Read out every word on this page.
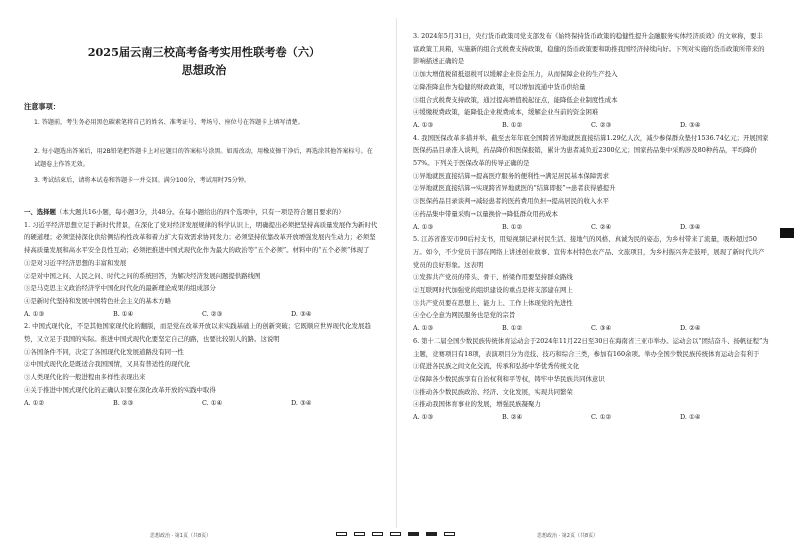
2025届云南三校高考备考实用性联考卷（六）
思想政治
注意事项：
1. 答题前，考生务必用黑色碳素笔将自己的姓名、准考证号、考场号、座位号在答题卡上填写清楚。
2. 每小题选出答案后，用2B铅笔把答题卡上对应题目的答案标号涂黑。如需改动，用橡皮擦干净后，再选涂其他答案标号。在试题卷上作答无效。
3. 考试结束后，请将本试卷和答题卡一并交回。满分100分，考试用时75分钟。

一、选择题（本大题共16小题，每小题3分，共48分。在每小题给出的四个选项中，只有一项是符合题目要求的）

1. 习近平经济思想立足于新时代背景，在深化了党对经济发展规律的科学认识上，明确提出必须把坚持高质量发展作为新时代的硬道理；必须坚持深化供给侧结构性改革和着力扩大有效需求协同发力；必须坚持依靠改革开放增强发展内生动力；必须坚持高质量发展和高水平安全良性互动；必须把推进中国式现代化作为最大的政治等“五个必须”。材料中的“五个必须”体现了

①是对习近平经济思想的丰富和发展

②是对中国之问、人民之问、时代之问的系统回答，为解决经济发展问题提供路线图

③是马克思主义政治经济学中国化时代化的最新理论成果的组成部分

④是新时代坚持和发展中国特色社会主义的基本方略

A. ①③	B. ①④	C. ②③	D. ③④

2. 中国式现代化，不是其他国家现代化的翻版，而是党在改革开放以来实践基础上的创新突破；它既顺应世界现代化发展趋势，又立足于我国的实际。推进中国式现代化要坚定自己的路，也要比较别人的路。这说明

①各国条件不同，决定了各国现代化发展道路没有同一性

②中国式现代化是既适合我国国情，又具有普适性的现代化

③人类现代化的一般进程由多样性表现出来

④关于推进中国式现代化的正确认识要在深化改革开放的实践中取得

A. ①②	B. ②③	C. ①④	D. ③④
思想政治 · 第1页（共8页）

3. 2024年5月31日，央行货币政策司党支部发布《始终保持货币政策的稳健性提升金融服务实体经济质效》的文章称，要丰富政策工具箱，实施新的组合式税费支持政策，稳健的货币政策要和助推我国经济持续向好。下列对实施的货币政策所带来的影响描述正确的是

①加大增值税留抵退税可以缓解企业资金压力，从而保障企业的生产投入

②降准降息作为稳健的财政政策，可以增加流通中货币供给量

③组合式税费支持政策，通过提高增值税起征点，能降低企业制度性成本

④缓缴税费政策，能降低企业税费成本，缓解企业当前的资金困难

A. ①③	B. ①②	C. ②③	D. ③④

4. 我国医保改革多措并举。截至去年年底全国跨省异地就医直接结算1.29亿人次，减少参保群众垫付1536.74亿元；开展国家医保药品目录准入谈判，药品降价和医保报销，累计为患者减负近2300亿元；国家药品集中采购涉及80种药品，平均降价57%。下列关于医保改革的传导正确的是

①异地就医直接结算→提高医疗服务的便利性→满足居民基本保障需求

②异地就医直接结算→实现跨省异地就医的“结算即报”→患者获得感提升

③医保药品目录谈判→减轻患者的医药费用负担→提高居民的收入水平

④药品集中带量采购→以量换价→降低群众用药成本

A. ①③	B. ①②	C. ②④	D. ③④

5. 江苏省淮安市90后村支书，用短视频记录村民生活、接地气的风格、真诚为民的姿态，为乡村带来了流量，吸粉超过50万。如今，不少党员干部在网络上讲述创业故事、宣传本村特色农产品、文旅项目，为乡村振兴奔走鼓呼，展现了新时代共产党员的良好形象。这表明

①发挥共产党员的带头、骨干、桥梁作用要坚持群众路线

②互联网时代加强党的组织建设的重点是将支部建在网上

③共产党员要在思想上、能力上、工作上体现党的先进性

④全心全意为网民服务也是党的宗旨

A. ①③	B. ①②	C. ③④	D. ②④

6. 第十二届全国少数民族传统体育运动会于2024年11月22日至30日在海南省三亚市举办。运动会以“团结奋斗、扬帆征程”为主题，竞赛项目有18项，表演项目分为竞技、技巧和综合三类，参加有160余项。举办全国少数民族传统体育运动会有利于

①促进各民族之间文化交流，传承和弘扬中华优秀传统文化

②保障各少数民族享有自治权利和平等权，铸牢中华民族共同体意识

③推动各少数民族政治、经济、文化发展，实现共同繁荣

④推动我国体育事业的发展，增强民族凝聚力

A. ①③	B. ②④	C. ①②	D. ①④
思想政治 · 第2页（共8页）
